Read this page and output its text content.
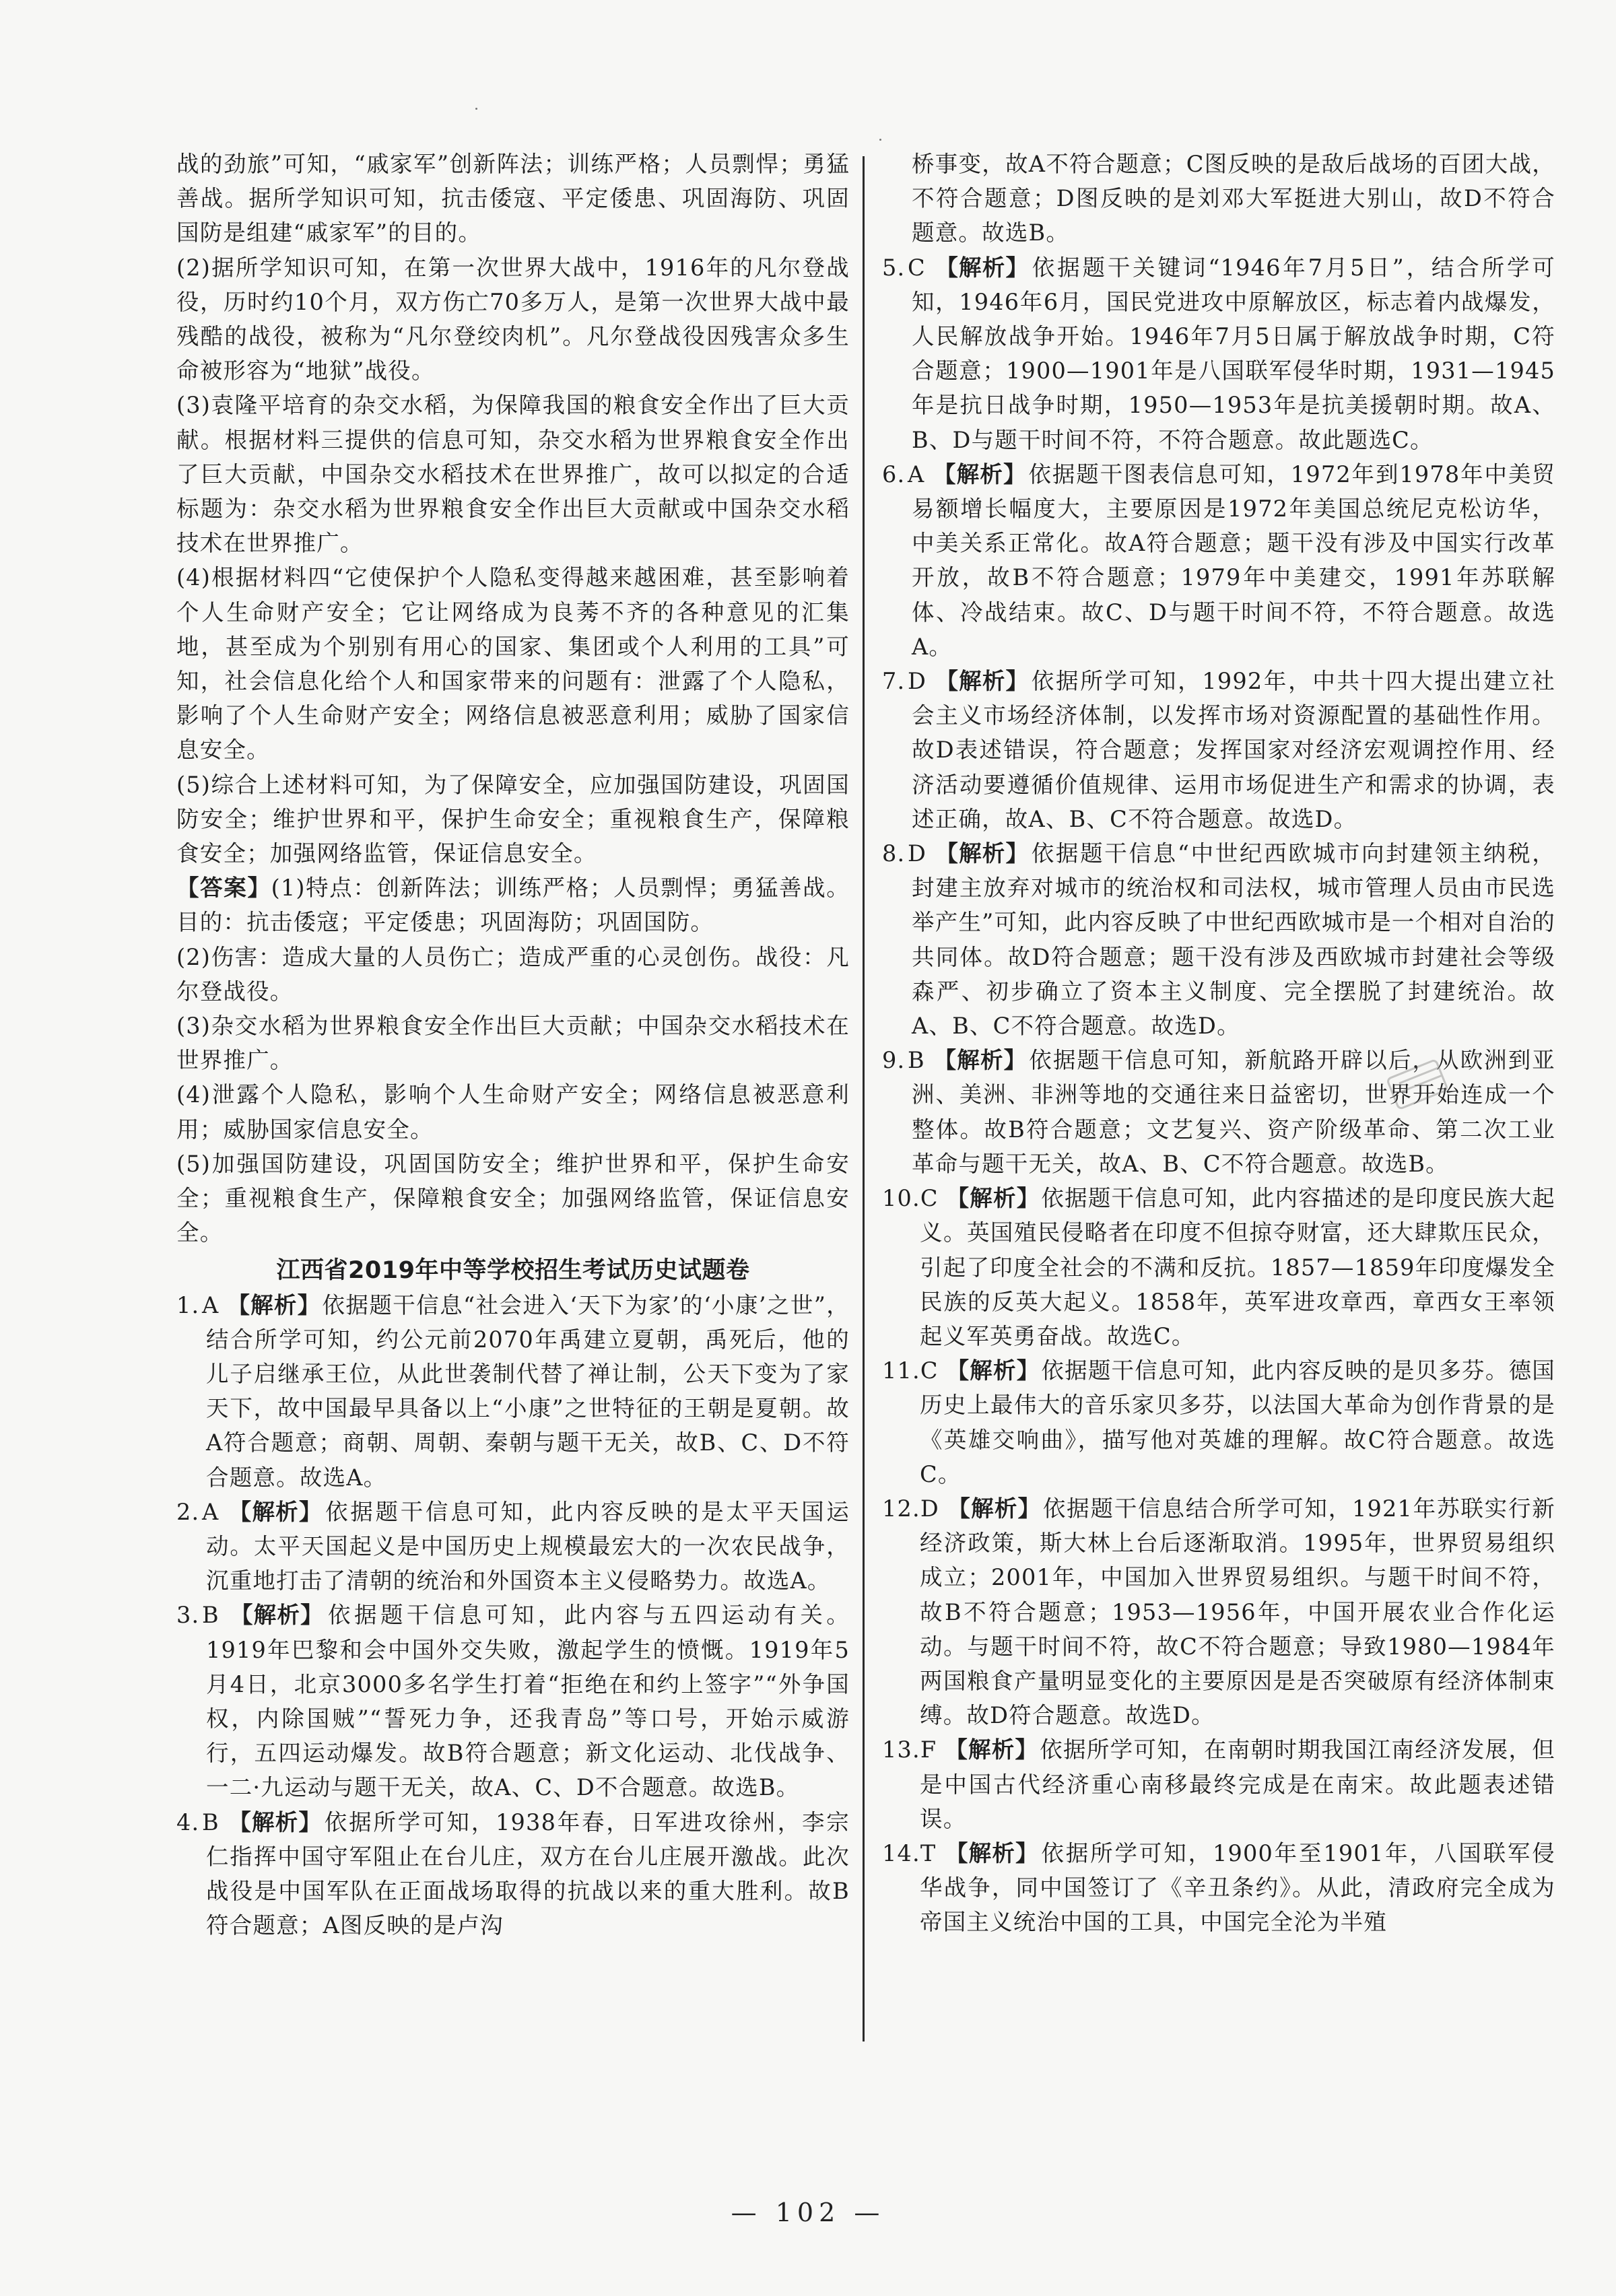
战的劲旅”可知，“戚家军”创新阵法；训练严格；人员剽悍；勇猛善战。据所学知识可知，抗击倭寇、平定倭患、巩固海防、巩固国防是组建“戚家军”的目的。

(2)据所学知识可知，在第一次世界大战中，1916年的凡尔登战役，历时约10个月，双方伤亡70多万人，是第一次世界大战中最残酷的战役，被称为“凡尔登绞肉机”。凡尔登战役因残害众多生命被形容为“地狱”战役。

(3)袁隆平培育的杂交水稻，为保障我国的粮食安全作出了巨大贡献。根据材料三提供的信息可知，杂交水稻为世界粮食安全作出了巨大贡献，中国杂交水稻技术在世界推广，故可以拟定的合适标题为：杂交水稻为世界粮食安全作出巨大贡献或中国杂交水稻技术在世界推广。

(4)根据材料四“它使保护个人隐私变得越来越困难，甚至影响着个人生命财产安全；它让网络成为良莠不齐的各种意见的汇集地，甚至成为个别别有用心的国家、集团或个人利用的工具”可知，社会信息化给个人和国家带来的问题有：泄露了个人隐私，影响了个人生命财产安全；网络信息被恶意利用；威胁了国家信息安全。

(5)综合上述材料可知，为了保障安全，应加强国防建设，巩固国防安全；维护世界和平，保护生命安全；重视粮食生产，保障粮食安全；加强网络监管，保证信息安全。

【答案】(1)特点：创新阵法；训练严格；人员剽悍；勇猛善战。目的：抗击倭寇；平定倭患；巩固海防；巩固国防。

(2)伤害：造成大量的人员伤亡；造成严重的心灵创伤。战役：凡尔登战役。

(3)杂交水稻为世界粮食安全作出巨大贡献；中国杂交水稻技术在世界推广。

(4)泄露个人隐私，影响个人生命财产安全；网络信息被恶意利用；威胁国家信息安全。

(5)加强国防建设，巩固国防安全；维护世界和平，保护生命安全；重视粮食生产，保障粮食安全；加强网络监管，保证信息安全。

江西省2019年中等学校招生考试历史试题卷

1. A 【解析】依据题干信息“社会进入‘天下为家’的‘小康’之世”，结合所学可知，约公元前2070年禹建立夏朝，禹死后，他的儿子启继承王位，从此世袭制代替了禅让制，公天下变为了家天下，故中国最早具备以上“小康”之世特征的王朝是夏朝。故A符合题意；商朝、周朝、秦朝与题干无关，故B、C、D不符合题意。故选A。

2. A 【解析】依据题干信息可知，此内容反映的是太平天国运动。太平天国起义是中国历史上规模最宏大的一次农民战争，沉重地打击了清朝的统治和外国资本主义侵略势力。故选A。

3. B 【解析】依据题干信息可知，此内容与五四运动有关。1919年巴黎和会中国外交失败，激起学生的愤慨。1919年5月4日，北京3000多名学生打着“拒绝在和约上签字”“外争国权，内除国贼”“誓死力争，还我青岛”等口号，开始示威游行，五四运动爆发。故B符合题意；新文化运动、北伐战争、一二·九运动与题干无关，故A、C、D不合题意。故选B。

4. B 【解析】依据所学可知，1938年春，日军进攻徐州，李宗仁指挥中国守军阻止在台儿庄，双方在台儿庄展开激战。此次战役是中国军队在正面战场取得的抗战以来的重大胜利。故B符合题意；A图反映的是卢沟

桥事变，故A不符合题意；C图反映的是敌后战场的百团大战，不符合题意；D图反映的是刘邓大军挺进大别山，故D不符合题意。故选B。

5. C 【解析】依据题干关键词“1946年7月5日”，结合所学可知，1946年6月，国民党进攻中原解放区，标志着内战爆发，人民解放战争开始。1946年7月5日属于解放战争时期，C符合题意；1900—1901年是八国联军侵华时期，1931—1945年是抗日战争时期，1950—1953年是抗美援朝时期。故A、B、D与题干时间不符，不符合题意。故此题选C。

6. A 【解析】依据题干图表信息可知，1972年到1978年中美贸易额增长幅度大，主要原因是1972年美国总统尼克松访华，中美关系正常化。故A符合题意；题干没有涉及中国实行改革开放，故B不符合题意；1979年中美建交，1991年苏联解体、冷战结束。故C、D与题干时间不符，不符合题意。故选A。

7. D 【解析】依据所学可知，1992年，中共十四大提出建立社会主义市场经济体制，以发挥市场对资源配置的基础性作用。故D表述错误，符合题意；发挥国家对经济宏观调控作用、经济活动要遵循价值规律、运用市场促进生产和需求的协调，表述正确，故A、B、C不符合题意。故选D。

8. D 【解析】依据题干信息“中世纪西欧城市向封建领主纳税，封建主放弃对城市的统治权和司法权，城市管理人员由市民选举产生”可知，此内容反映了中世纪西欧城市是一个相对自治的共同体。故D符合题意；题干没有涉及西欧城市封建社会等级森严、初步确立了资本主义制度、完全摆脱了封建统治。故A、B、C不符合题意。故选D。

9. B 【解析】依据题干信息可知，新航路开辟以后，从欧洲到亚洲、美洲、非洲等地的交通往来日益密切，世界开始连成一个整体。故B符合题意；文艺复兴、资产阶级革命、第二次工业革命与题干无关，故A、B、C不符合题意。故选B。

10.C 【解析】依据题干信息可知，此内容描述的是印度民族大起义。英国殖民侵略者在印度不但掠夺财富，还大肆欺压民众，引起了印度全社会的不满和反抗。1857—1859年印度爆发全民族的反英大起义。1858年，英军进攻章西，章西女王率领起义军英勇奋战。故选C。

11.C 【解析】依据题干信息可知，此内容反映的是贝多芬。德国历史上最伟大的音乐家贝多芬，以法国大革命为创作背景的是《英雄交响曲》，描写他对英雄的理解。故C符合题意。故选C。

12.D 【解析】依据题干信息结合所学可知，1921年苏联实行新经济政策，斯大林上台后逐渐取消。1995年，世界贸易组织成立；2001年，中国加入世界贸易组织。与题干时间不符，故B不符合题意；1953—1956年，中国开展农业合作化运动。与题干时间不符，故C不符合题意；导致1980—1984年两国粮食产量明显变化的主要原因是是否突破原有经济体制束缚。故D符合题意。故选D。

13.F 【解析】依据所学可知，在南朝时期我国江南经济发展，但是中国古代经济重心南移最终完成是在南宋。故此题表述错误。

14.T 【解析】依据所学可知，1900年至1901年，八国联军侵华战争，同中国签订了《辛丑条约》。从此，清政府完全成为帝国主义统治中国的工具，中国完全沦为半殖

— 102 —
